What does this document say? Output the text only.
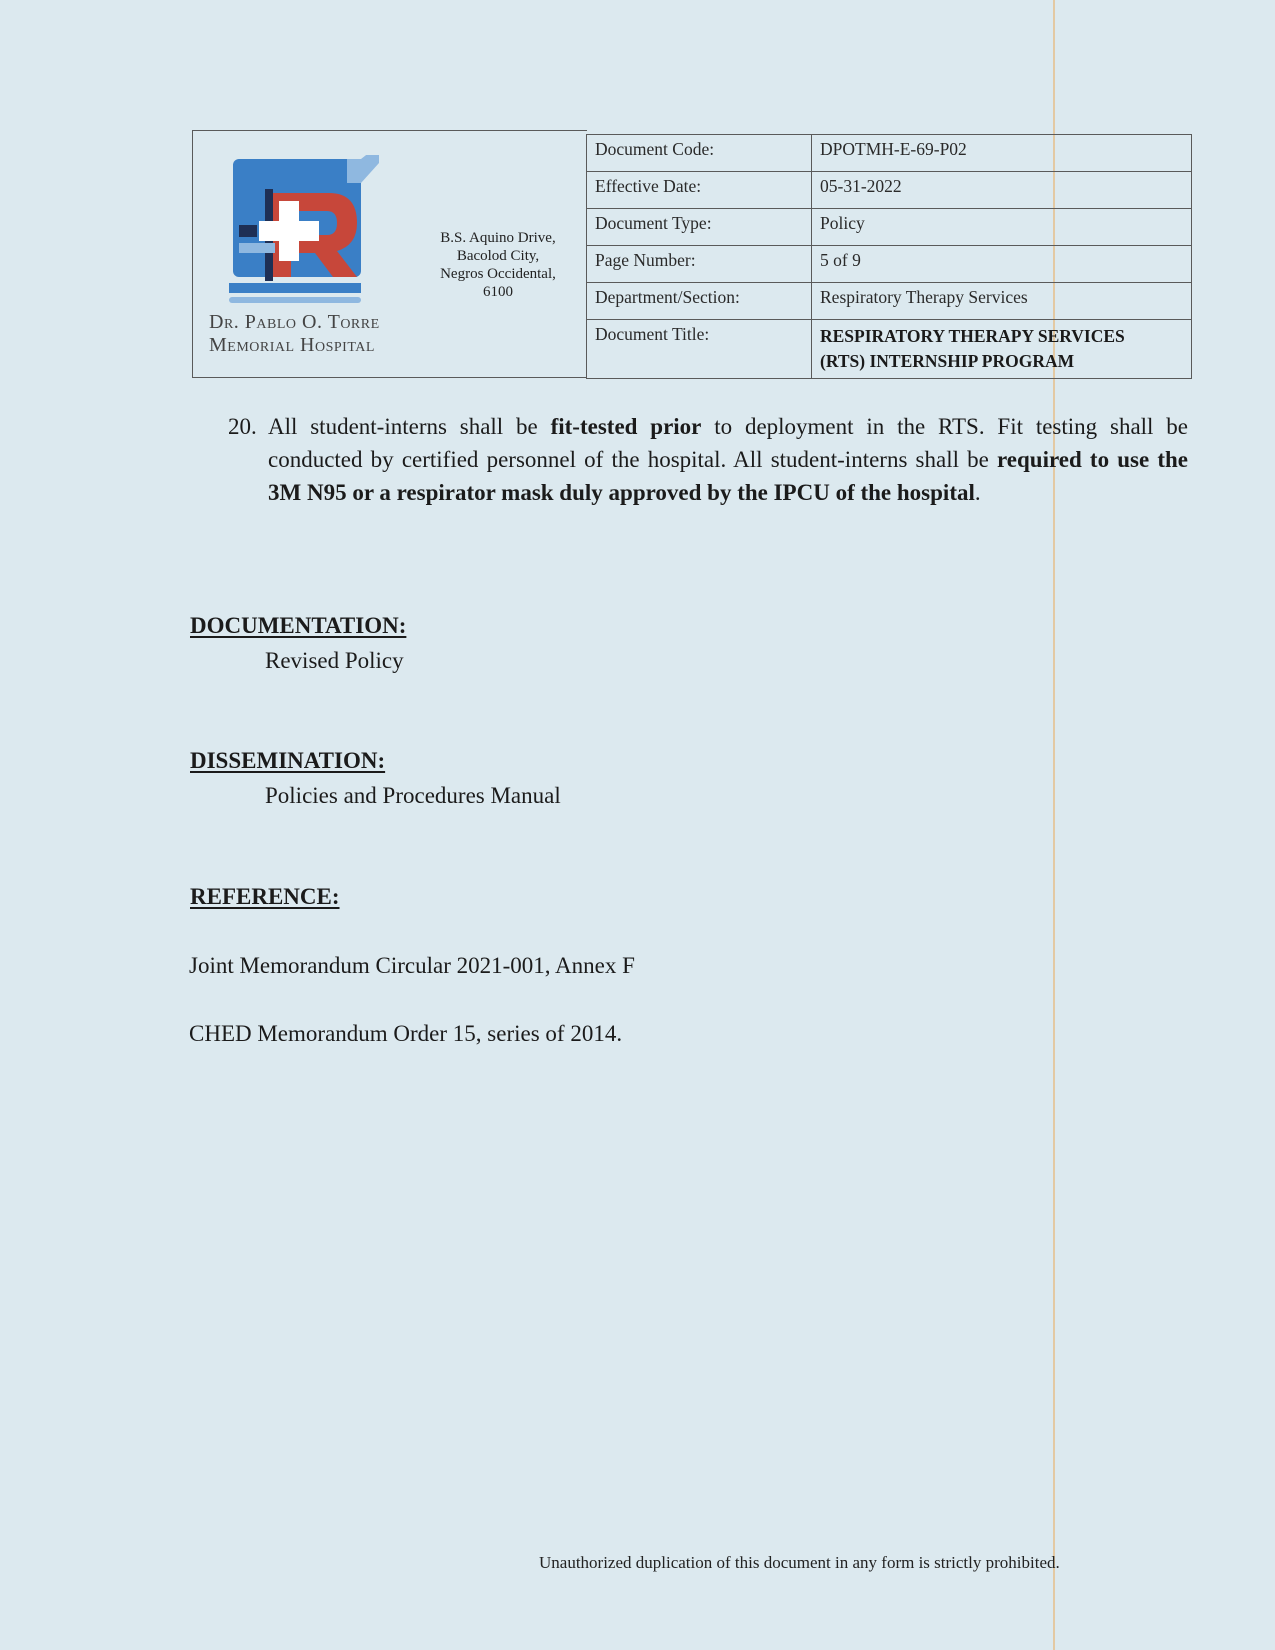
Dr. Pablo O. Torre
Memorial Hospital
B.S. Aquino Drive,
Bacolod City,
Negros Occidental,
6100
Document Code:	DPOTMH-E-69-P02
Effective Date:	05-31-2022
Document Type:	Policy
Page Number:	5 of 9
Department/Section:	Respiratory Therapy Services
Document Title:	RESPIRATORY THERAPY SERVICES
(RTS) INTERNSHIP PROGRAM
20. All student-interns shall be fit-tested prior to deployment in the RTS. Fit testing shall be conducted by certified personnel of the hospital. All student-interns shall be required to use the 3M N95 or a respirator mask duly approved by the IPCU of the hospital.
DOCUMENTATION:
Revised Policy
DISSEMINATION:
Policies and Procedures Manual
REFERENCE:
Joint Memorandum Circular 2021-001, Annex F
CHED Memorandum Order 15, series of 2014.
Unauthorized duplication of this document in any form is strictly prohibited.
